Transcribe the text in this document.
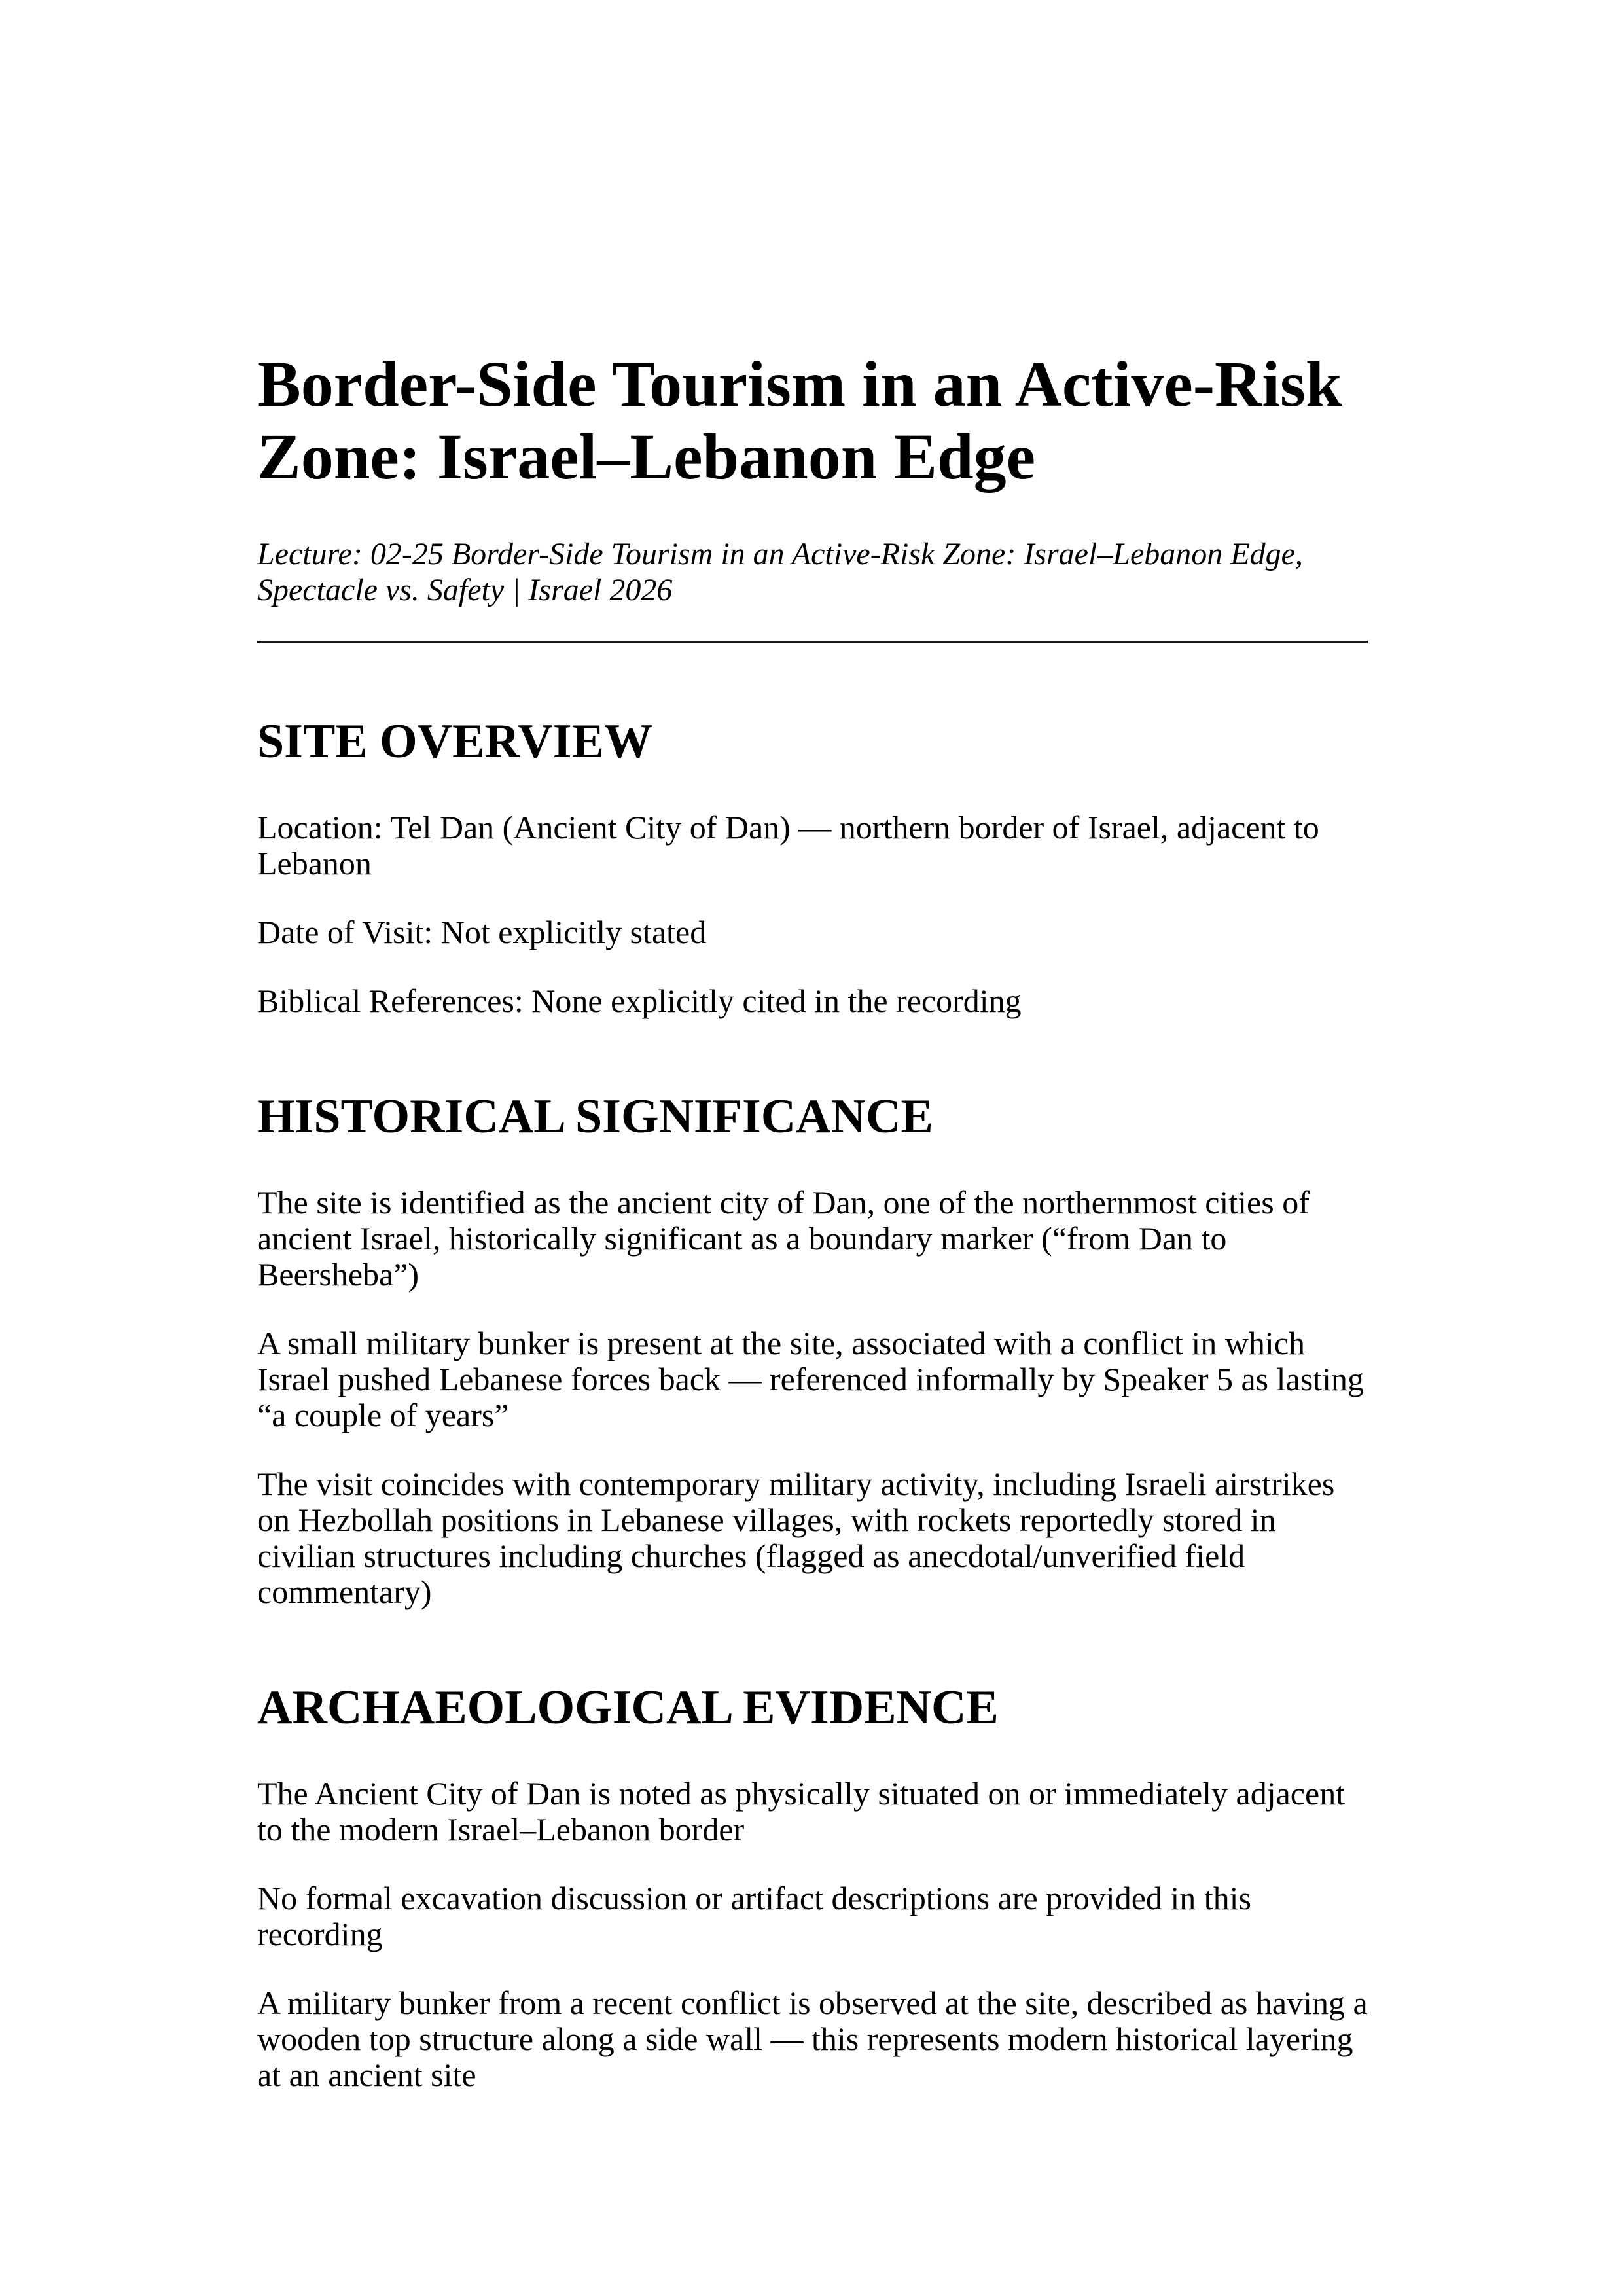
Border-Side Tourism in an Active-Risk
Zone: Israel–Lebanon Edge

Lecture: 02-25 Border-Side Tourism in an Active-Risk Zone: Israel–Lebanon Edge,
Spectacle vs. Safety | Israel 2026

SITE OVERVIEW

Location: Tel Dan (Ancient City of Dan) — northern border of Israel, adjacent to
Lebanon

Date of Visit: Not explicitly stated

Biblical References: None explicitly cited in the recording

HISTORICAL SIGNIFICANCE

The site is identified as the ancient city of Dan, one of the northernmost cities of
ancient Israel, historically significant as a boundary marker (“from Dan to
Beersheba”)

A small military bunker is present at the site, associated with a conflict in which
Israel pushed Lebanese forces back — referenced informally by Speaker 5 as lasting
“a couple of years”

The visit coincides with contemporary military activity, including Israeli airstrikes
on Hezbollah positions in Lebanese villages, with rockets reportedly stored in
civilian structures including churches (flagged as anecdotal/unverified field
commentary)

ARCHAEOLOGICAL EVIDENCE

The Ancient City of Dan is noted as physically situated on or immediately adjacent
to the modern Israel–Lebanon border

No formal excavation discussion or artifact descriptions are provided in this
recording

A military bunker from a recent conflict is observed at the site, described as having a
wooden top structure along a side wall — this represents modern historical layering
at an ancient site
